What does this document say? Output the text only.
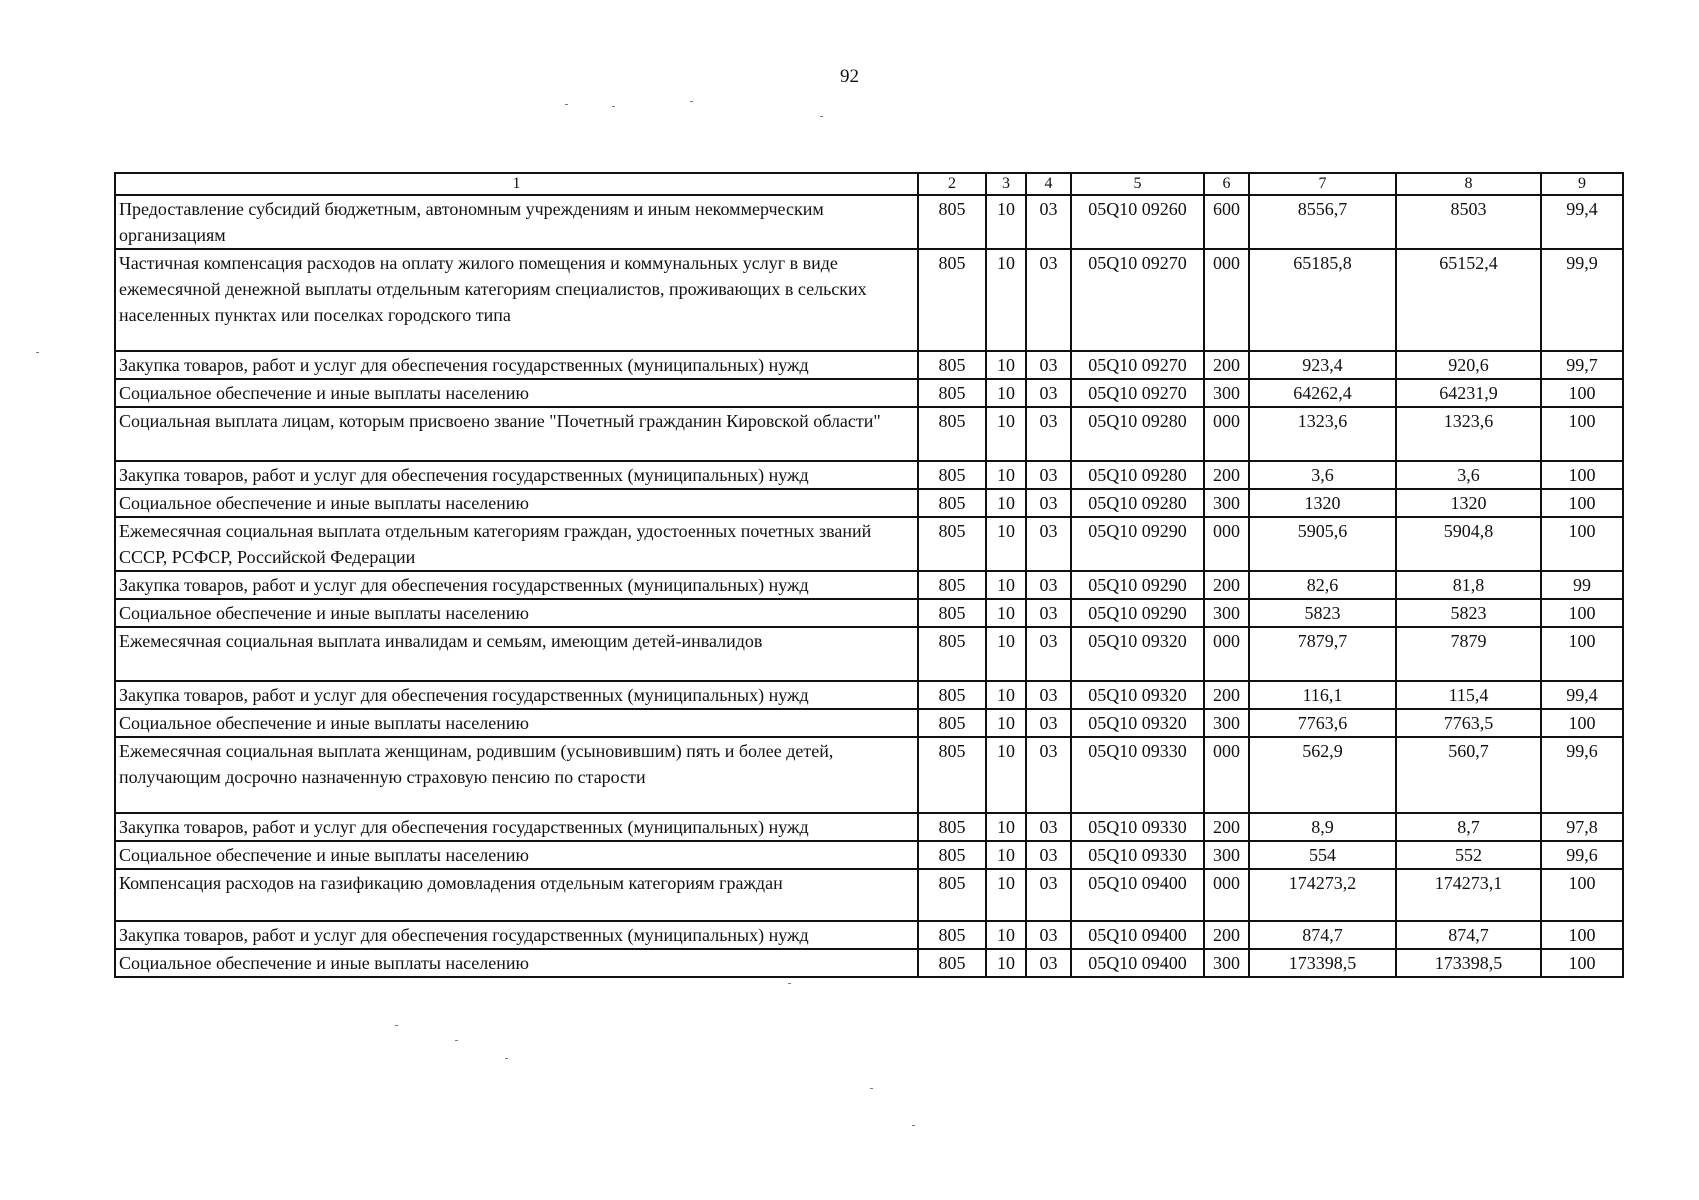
92
1	2	3	4	5	6	7	8	9
Предоставление субсидий бюджетным, автономным учреждениям и иным некоммерческим организациям	805	10	03	05Q10 09260	600	8556,7	8503	99,4
Частичная компенсация расходов на оплату жилого помещения и коммунальных услуг в виде ежемесячной денежной выплаты отдельным категориям специалистов, проживающих в сельских населенных пунктах или поселках городского типа	805	10	03	05Q10 09270	000	65185,8	65152,4	99,9
Закупка товаров, работ и услуг для обеспечения государственных (муниципальных) нужд	805	10	03	05Q10 09270	200	923,4	920,6	99,7
Социальное обеспечение и иные выплаты населению	805	10	03	05Q10 09270	300	64262,4	64231,9	100
Социальная выплата лицам, которым присвоено звание "Почетный гражданин Кировской области"	805	10	03	05Q10 09280	000	1323,6	1323,6	100
Закупка товаров, работ и услуг для обеспечения государственных (муниципальных) нужд	805	10	03	05Q10 09280	200	3,6	3,6	100
Социальное обеспечение и иные выплаты населению	805	10	03	05Q10 09280	300	1320	1320	100
Ежемесячная социальная выплата отдельным категориям граждан, удостоенных почетных званий СССР, РСФСР, Российской Федерации	805	10	03	05Q10 09290	000	5905,6	5904,8	100
Закупка товаров, работ и услуг для обеспечения государственных (муниципальных) нужд	805	10	03	05Q10 09290	200	82,6	81,8	99
Социальное обеспечение и иные выплаты населению	805	10	03	05Q10 09290	300	5823	5823	100
Ежемесячная социальная выплата инвалидам и семьям, имеющим детей-инвалидов	805	10	03	05Q10 09320	000	7879,7	7879	100
Закупка товаров, работ и услуг для обеспечения государственных (муниципальных) нужд	805	10	03	05Q10 09320	200	116,1	115,4	99,4
Социальное обеспечение и иные выплаты населению	805	10	03	05Q10 09320	300	7763,6	7763,5	100
Ежемесячная социальная выплата женщинам, родившим (усыновившим) пять и более детей, получающим досрочно назначенную страховую пенсию по старости	805	10	03	05Q10 09330	000	562,9	560,7	99,6
Закупка товаров, работ и услуг для обеспечения государственных (муниципальных) нужд	805	10	03	05Q10 09330	200	8,9	8,7	97,8
Социальное обеспечение и иные выплаты населению	805	10	03	05Q10 09330	300	554	552	99,6
Компенсация расходов на газификацию домовладения отдельным категориям граждан	805	10	03	05Q10 09400	000	174273,2	174273,1	100
Закупка товаров, работ и услуг для обеспечения государственных (муниципальных) нужд	805	10	03	05Q10 09400	200	874,7	874,7	100
Социальное обеспечение и иные выплаты населению	805	10	03	05Q10 09400	300	173398,5	173398,5	100
